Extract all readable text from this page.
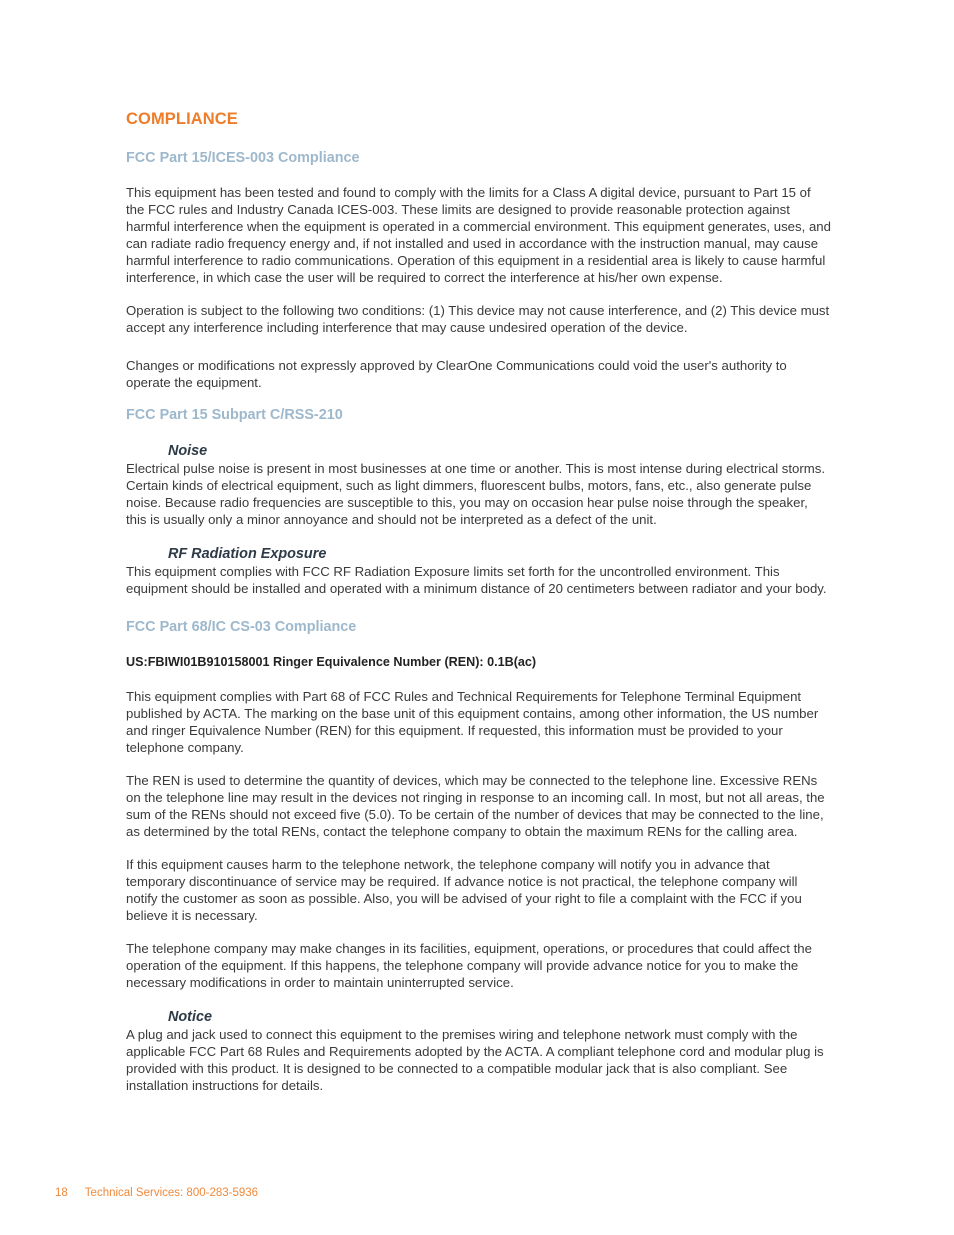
COMPLIANCE
FCC Part 15/ICES-003 Compliance

This equipment has been tested and found to comply with the limits for a Class A digital device, pursuant to Part 15 of the FCC rules and Industry Canada ICES-003. These limits are designed to provide reasonable protection against harmful interference when the equipment is operated in a commercial environment. This equipment generates, uses, and can radiate radio frequency energy and, if not installed and used in accordance with the instruction manual, may cause harmful interference to radio communications. Operation of this equipment in a residential area is likely to cause harmful interference, in which case the user will be required to correct the interference at his/her own expense.

Operation is subject to the following two conditions: (1) This device may not cause interference, and (2) This device must accept any interference including interference that may cause undesired operation of the device.

Changes or modifications not expressly approved by ClearOne Communications could void the user's authority to operate the equipment.

FCC Part 15 Subpart C/RSS-210
Noise

Electrical pulse noise is present in most businesses at one time or another. This is most intense during electrical storms. Certain kinds of electrical equipment, such as light dimmers, fluorescent bulbs, motors, fans, etc., also generate pulse noise. Because radio frequencies are susceptible to this, you may on occasion hear pulse noise through the speaker, this is usually only a minor annoyance and should not be interpreted as a defect of the unit.

RF Radiation Exposure

This equipment complies with FCC RF Radiation Exposure limits set forth for the uncontrolled environment. This equipment should be installed and operated with a minimum distance of 20 centimeters between radiator and your body.

FCC Part 68/IC CS-03 Compliance

US:FBIWI01B910158001 Ringer Equivalence Number (REN): 0.1B(ac)

This equipment complies with Part 68 of FCC Rules and Technical Requirements for Telephone Terminal Equipment published by ACTA. The marking on the base unit of this equipment contains, among other information, the US number and ringer Equivalence Number (REN) for this equipment. If requested, this information must be provided to your telephone company.

The REN is used to determine the quantity of devices, which may be connected to the telephone line. Excessive RENs on the telephone line may result in the devices not ringing in response to an incoming call. In most, but not all areas, the sum of the RENs should not exceed five (5.0). To be certain of the number of devices that may be connected to the line, as determined by the total RENs, contact the telephone company to obtain the maximum RENs for the calling area.

If this equipment causes harm to the telephone network, the telephone company will notify you in advance that temporary discontinuance of service may be required. If advance notice is not practical, the telephone company will notify the customer as soon as possible. Also, you will be advised of your right to file a complaint with the FCC if you believe it is necessary.

The telephone company may make changes in its facilities, equipment, operations, or procedures that could affect the operation of the equipment. If this happens, the telephone company will provide advance notice for you to make the necessary modifications in order to maintain uninterrupted service.

Notice

A plug and jack used to connect this equipment to the premises wiring and telephone network must comply with the applicable FCC Part 68 Rules and Requirements adopted by the ACTA. A compliant telephone cord and modular plug is provided with this product. It is designed to be connected to a compatible modular jack that is also compliant. See installation instructions for details.

18 Technical Services: 800-283-5936
